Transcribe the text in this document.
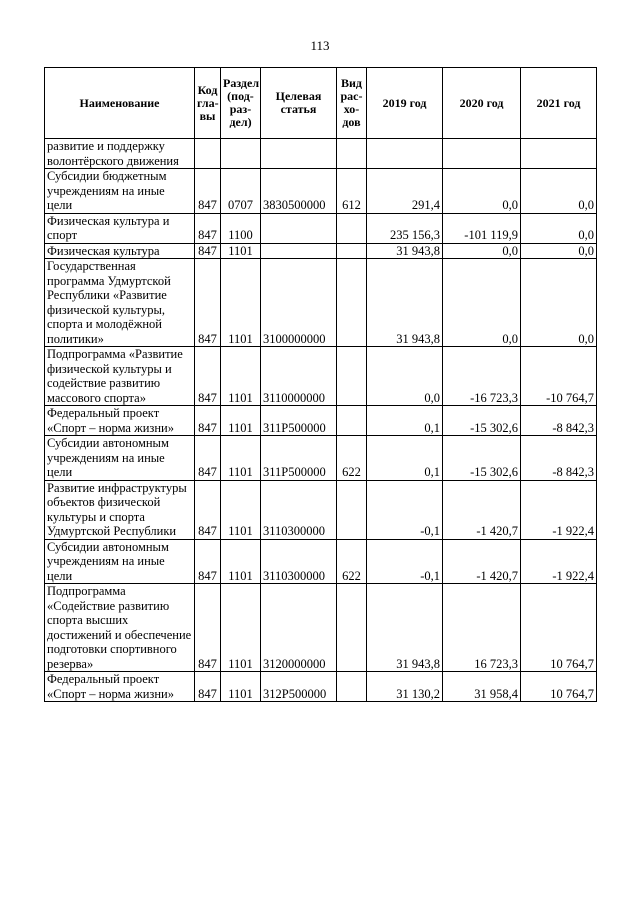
113
Наименование	Код гла-вы	Раздел (под-раз-дел)	Целевая статья	Вид рас-хо-дов	2019 год	2020 год	2021 год
развитие и поддержку волонтёрского движения							
Субсидии бюджетным учреждениям на иные цели	847	0707	3830500000	612	291,4	0,0	0,0
Физическая культура и спорт	847	1100			235 156,3	-101 119,9	0,0
Физическая культура	847	1101			31 943,8	0,0	0,0
Государственная программа Удмуртской Республики «Развитие физической культуры, спорта и молодёжной политики»	847	1101	3100000000		31 943,8	0,0	0,0
Подпрограмма «Развитие физической культуры и содействие развитию массового спорта»	847	1101	3110000000		0,0	-16 723,3	-10 764,7
Федеральный проект «Спорт – норма жизни»	847	1101	311P500000		0,1	-15 302,6	-8 842,3
Субсидии автономным учреждениям на иные цели	847	1101	311P500000	622	0,1	-15 302,6	-8 842,3
Развитие инфраструктуры объектов физической культуры и спорта Удмуртской Республики	847	1101	3110300000		-0,1	-1 420,7	-1 922,4
Субсидии автономным учреждениям на иные цели	847	1101	3110300000	622	-0,1	-1 420,7	-1 922,4
Подпрограмма «Содействие развитию спорта высших достижений и обеспечение подготовки спортивного резерва»	847	1101	3120000000		31 943,8	16 723,3	10 764,7
Федеральный проект «Спорт – норма жизни»	847	1101	312P500000		31 130,2	31 958,4	10 764,7
